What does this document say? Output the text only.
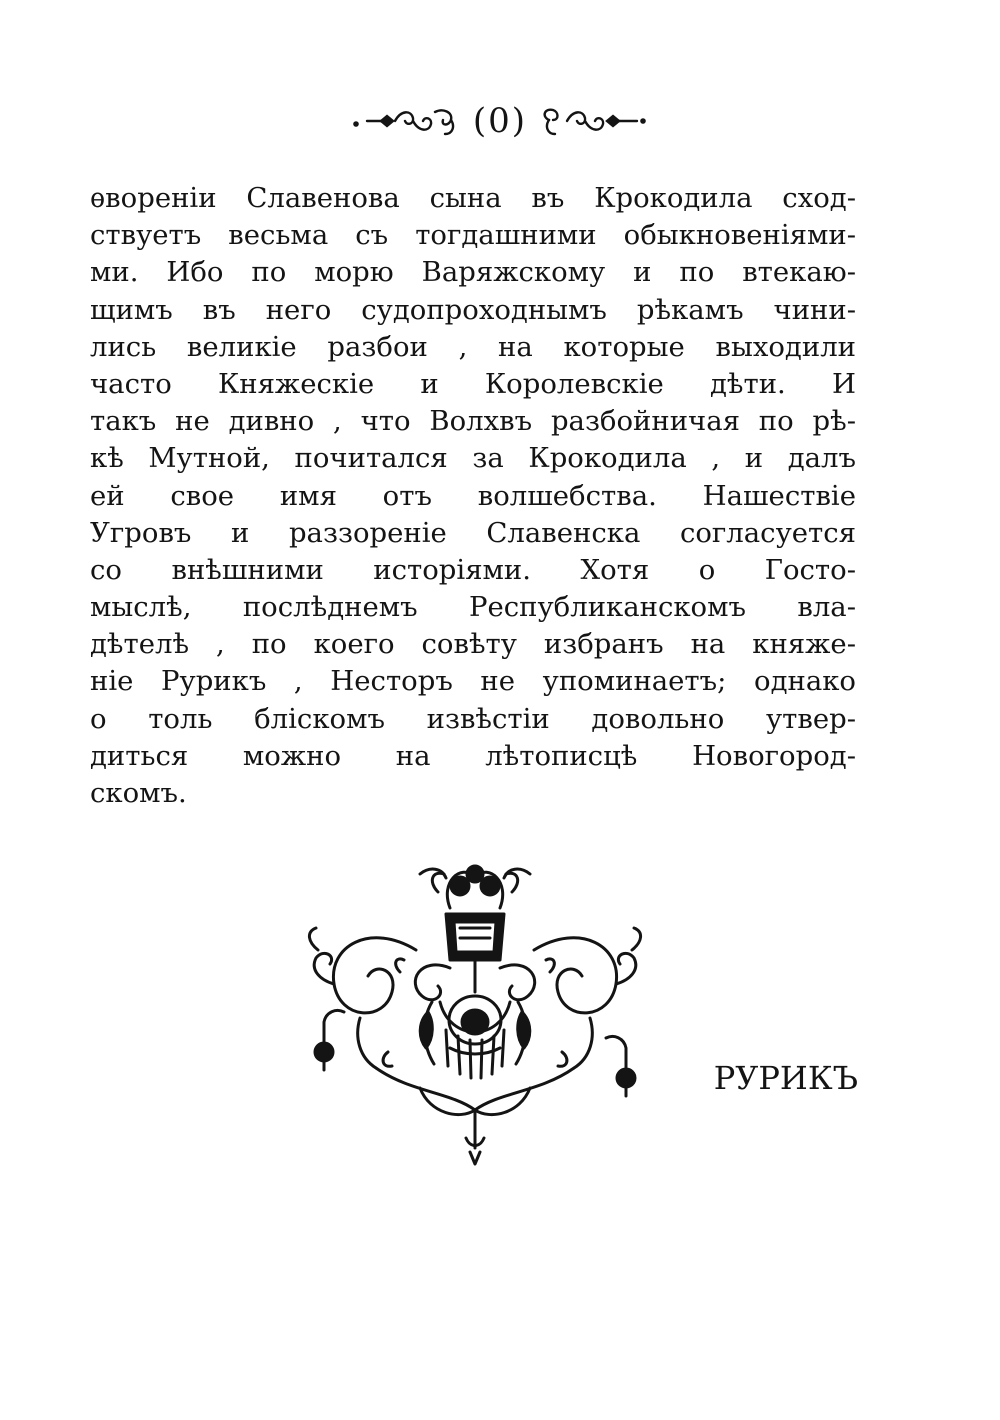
(0)
ѳвореніи Славенова сына въ Крокодила сход-
ствуетъ весьма съ тогдашними обыкновеніями-
ми. Ибо по морю Варяжскому и по втекаю-
щимъ въ него судопроходнымъ рѣкамъ чини-
лись великіе разбои , на которые выходили
часто Княжескіе и Королевскіе дѣти. И
такъ не дивно , что Волхвъ разбойничая по рѣ-
кѣ Мутной, почитался за Крокодила , и далъ
ей свое имя отъ волшебства. Нашествіе
Угровъ и раззореніе Славенска согласуется
со внѣшними исторіями. Хотя о Госто-
мыслѣ, послѣднемъ Республиканскомъ вла-
дѣтелѣ , по коего совѣту избранъ на княже-
ніе Рурикъ , Несторъ не упоминаетъ; однако
о толь бліскомъ извѣстіи довольно утвер-
диться можно на лѣтописцѣ Новогород-
скомъ.
РУРИКЪ
